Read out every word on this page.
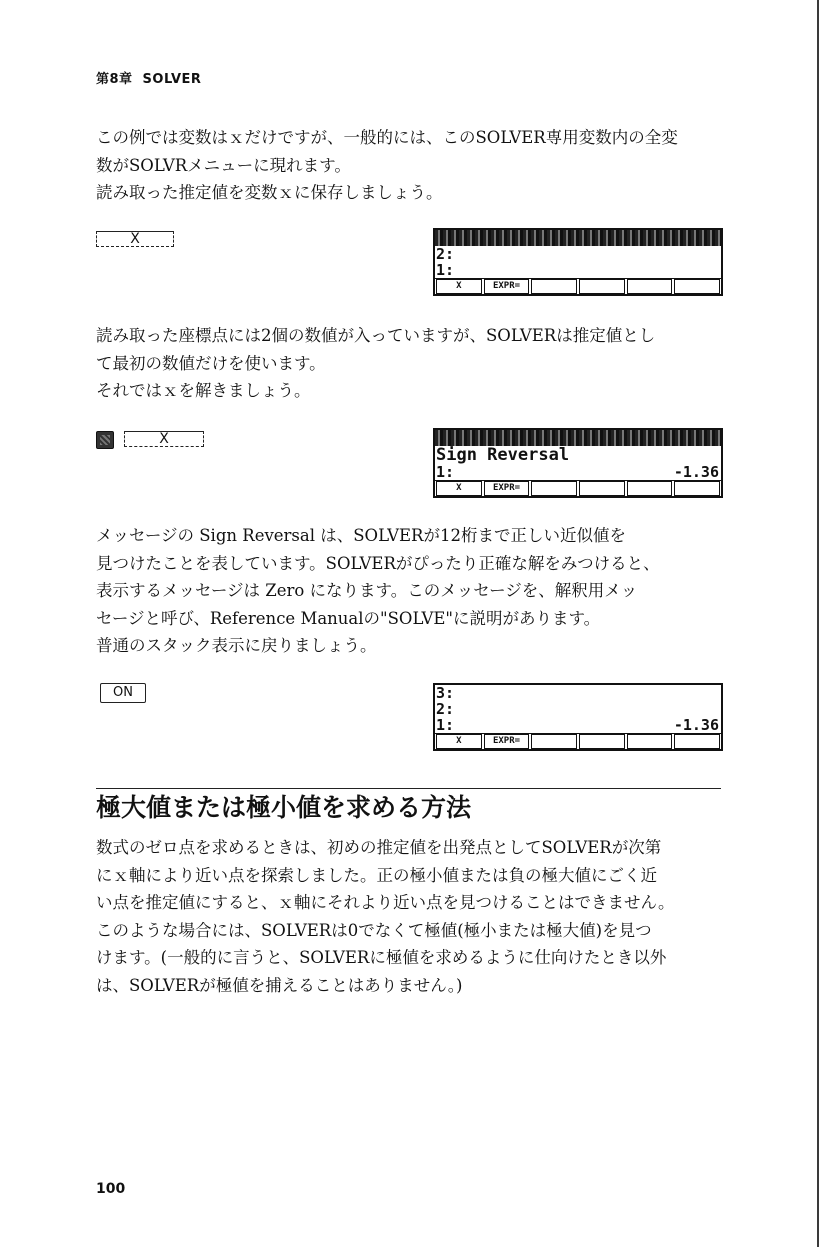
第8章 SOLVER
この例では変数はｘだけですが、一般的には、このSOLVER専用変数内の全変
数がSOLVRメニューに現れます。
読み取った推定値を変数ｘに保存しましょう。
X
2:
1:
X	EXPR=
読み取った座標点には2個の数値が入っていますが、SOLVERは推定値とし
て最初の数値だけを使います。
それではｘを解きましょう。
X
Sign Reversal
1:	-1.36
X	EXPR=
メッセージの Sign Reversal は、SOLVERが12桁まで正しい近似値を
見つけたことを表しています。SOLVERがぴったり正確な解をみつけると、
表示するメッセージは Zero になります。このメッセージを、解釈用メッ
セージと呼び、Reference Manualの"SOLVE"に説明があります。
普通のスタック表示に戻りましょう。
ON	3:
2:
1:	-1.36
X	EXPR=
極大値または極小値を求める方法
数式のゼロ点を求めるときは、初めの推定値を出発点としてSOLVERが次第
にｘ軸により近い点を探索しました。正の極小値または負の極大値にごく近
い点を推定値にすると、ｘ軸にそれより近い点を見つけることはできません。
このような場合には、SOLVERは0でなくて極値(極小または極大値)を見つ
けます。(一般的に言うと、SOLVERに極値を求めるように仕向けたとき以外
は、SOLVERが極値を捕えることはありません。)
100
